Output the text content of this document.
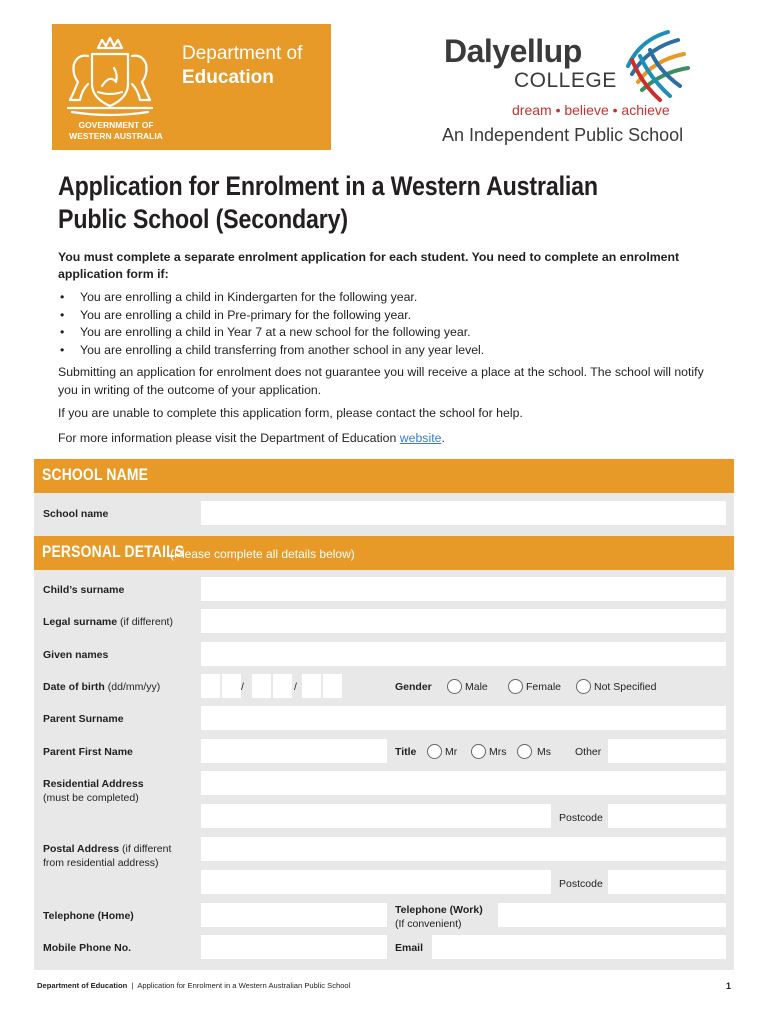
GOVERNMENT OF
WESTERN AUSTRALIA
Department of
Education
Dalyellup
COLLEGE
dream • believe • achieve
An Independent Public School
Application for Enrolment in a Western Australian
Public School (Secondary)
You must complete a separate enrolment application for each student. You need to complete an enrolment application form if:
• You are enrolling a child in Kindergarten for the following year.
• You are enrolling a child in Pre-primary for the following year.
• You are enrolling a child in Year 7 at a new school for the following year.
• You are enrolling a child transferring from another school in any year level.
Submitting an application for enrolment does not guarantee you will receive a place at the school. The school will notify you in writing of the outcome of your application.
If you are unable to complete this application form, please contact the school for help.
For more information please visit the Department of Education website.
SCHOOL NAME
School name
PERSONAL DETAILS
(Please complete all details below)
Child’s surname
Legal surname (if different)
Given names
Date of birth (dd/mm/yy)	/	/	Gender	Male	Female	Not Specified
Parent Surname
Parent First Name	Title	Mr	Mrs	Ms Other
Residential Address
(must be completed)
Postcode
Postal Address (if different
from residential address)
Postcode
Telephone (Home)	Telephone (Work)
(If convenient)
Mobile Phone No.	Email
Department of Education | Application for Enrolment in a Western Australian Public School	1
